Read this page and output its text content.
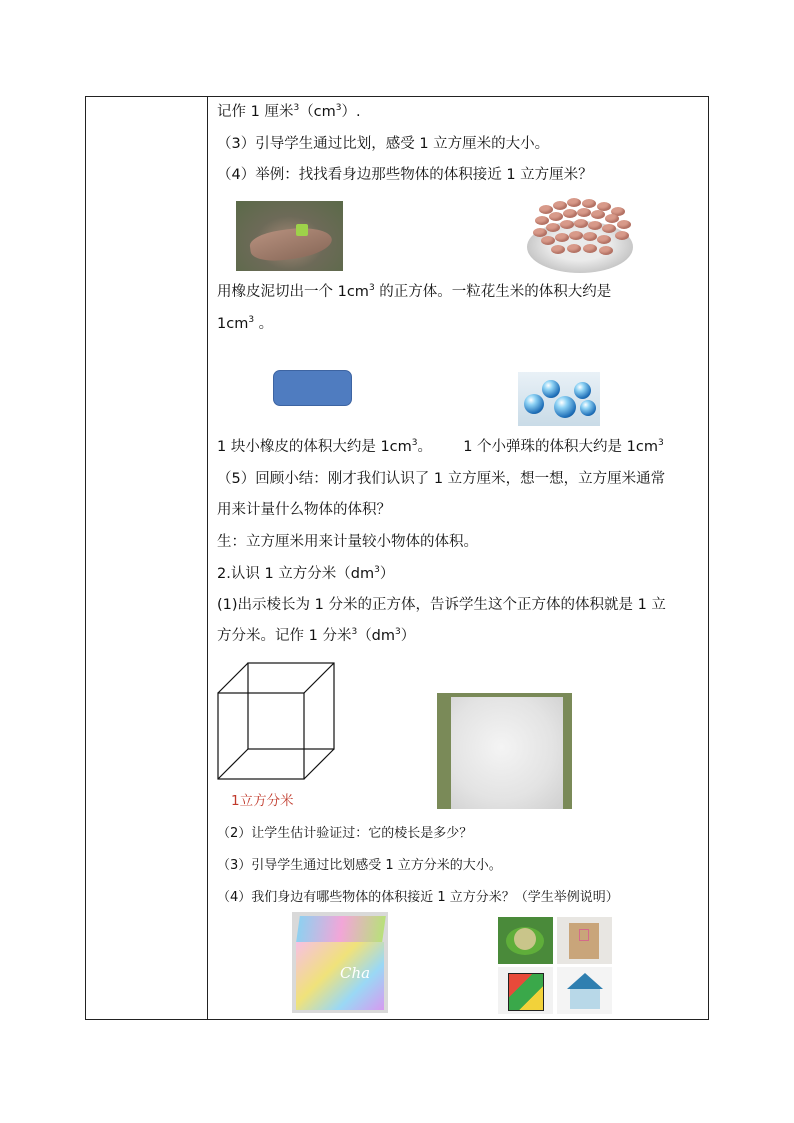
记作 1 厘米$^3(cm^3)$.
（3）引导学生通过比划，感受 1 立方厘米的大小。
（4）举例：找找看身边那些物体的体积接近 1 立方厘米？
用橡皮泥切出一个 $1cm^3$ 的正方体。一粒花生米的体积大约是
$1cm^3$ 。
1 块小橡皮的体积大约是 $1cm^3$。 1 个小弹珠的体积大约是 $1cm^3$
（5）回顾小结：刚才我们认识了 1 立方厘米，想一想，立方厘米通常
用来计量什么物体的体积？
生：立方厘米用来计量较小物体的体积。
2.认识 1 立方分米$(dm^3)$
(1)出示棱长为 1 分米的正方体，告诉学生这个正方体的体积就是 1 立
方分米。记作 1 分米$^3(dm^3)$
1立方分米
（2）让学生估计验证过：它的棱长是多少？
（3）引导学生通过比划感受 1 立方分米的大小。
（4）我们身边有哪些物体的体积接近 1 立方分米？（学生举例说明）
Cha
